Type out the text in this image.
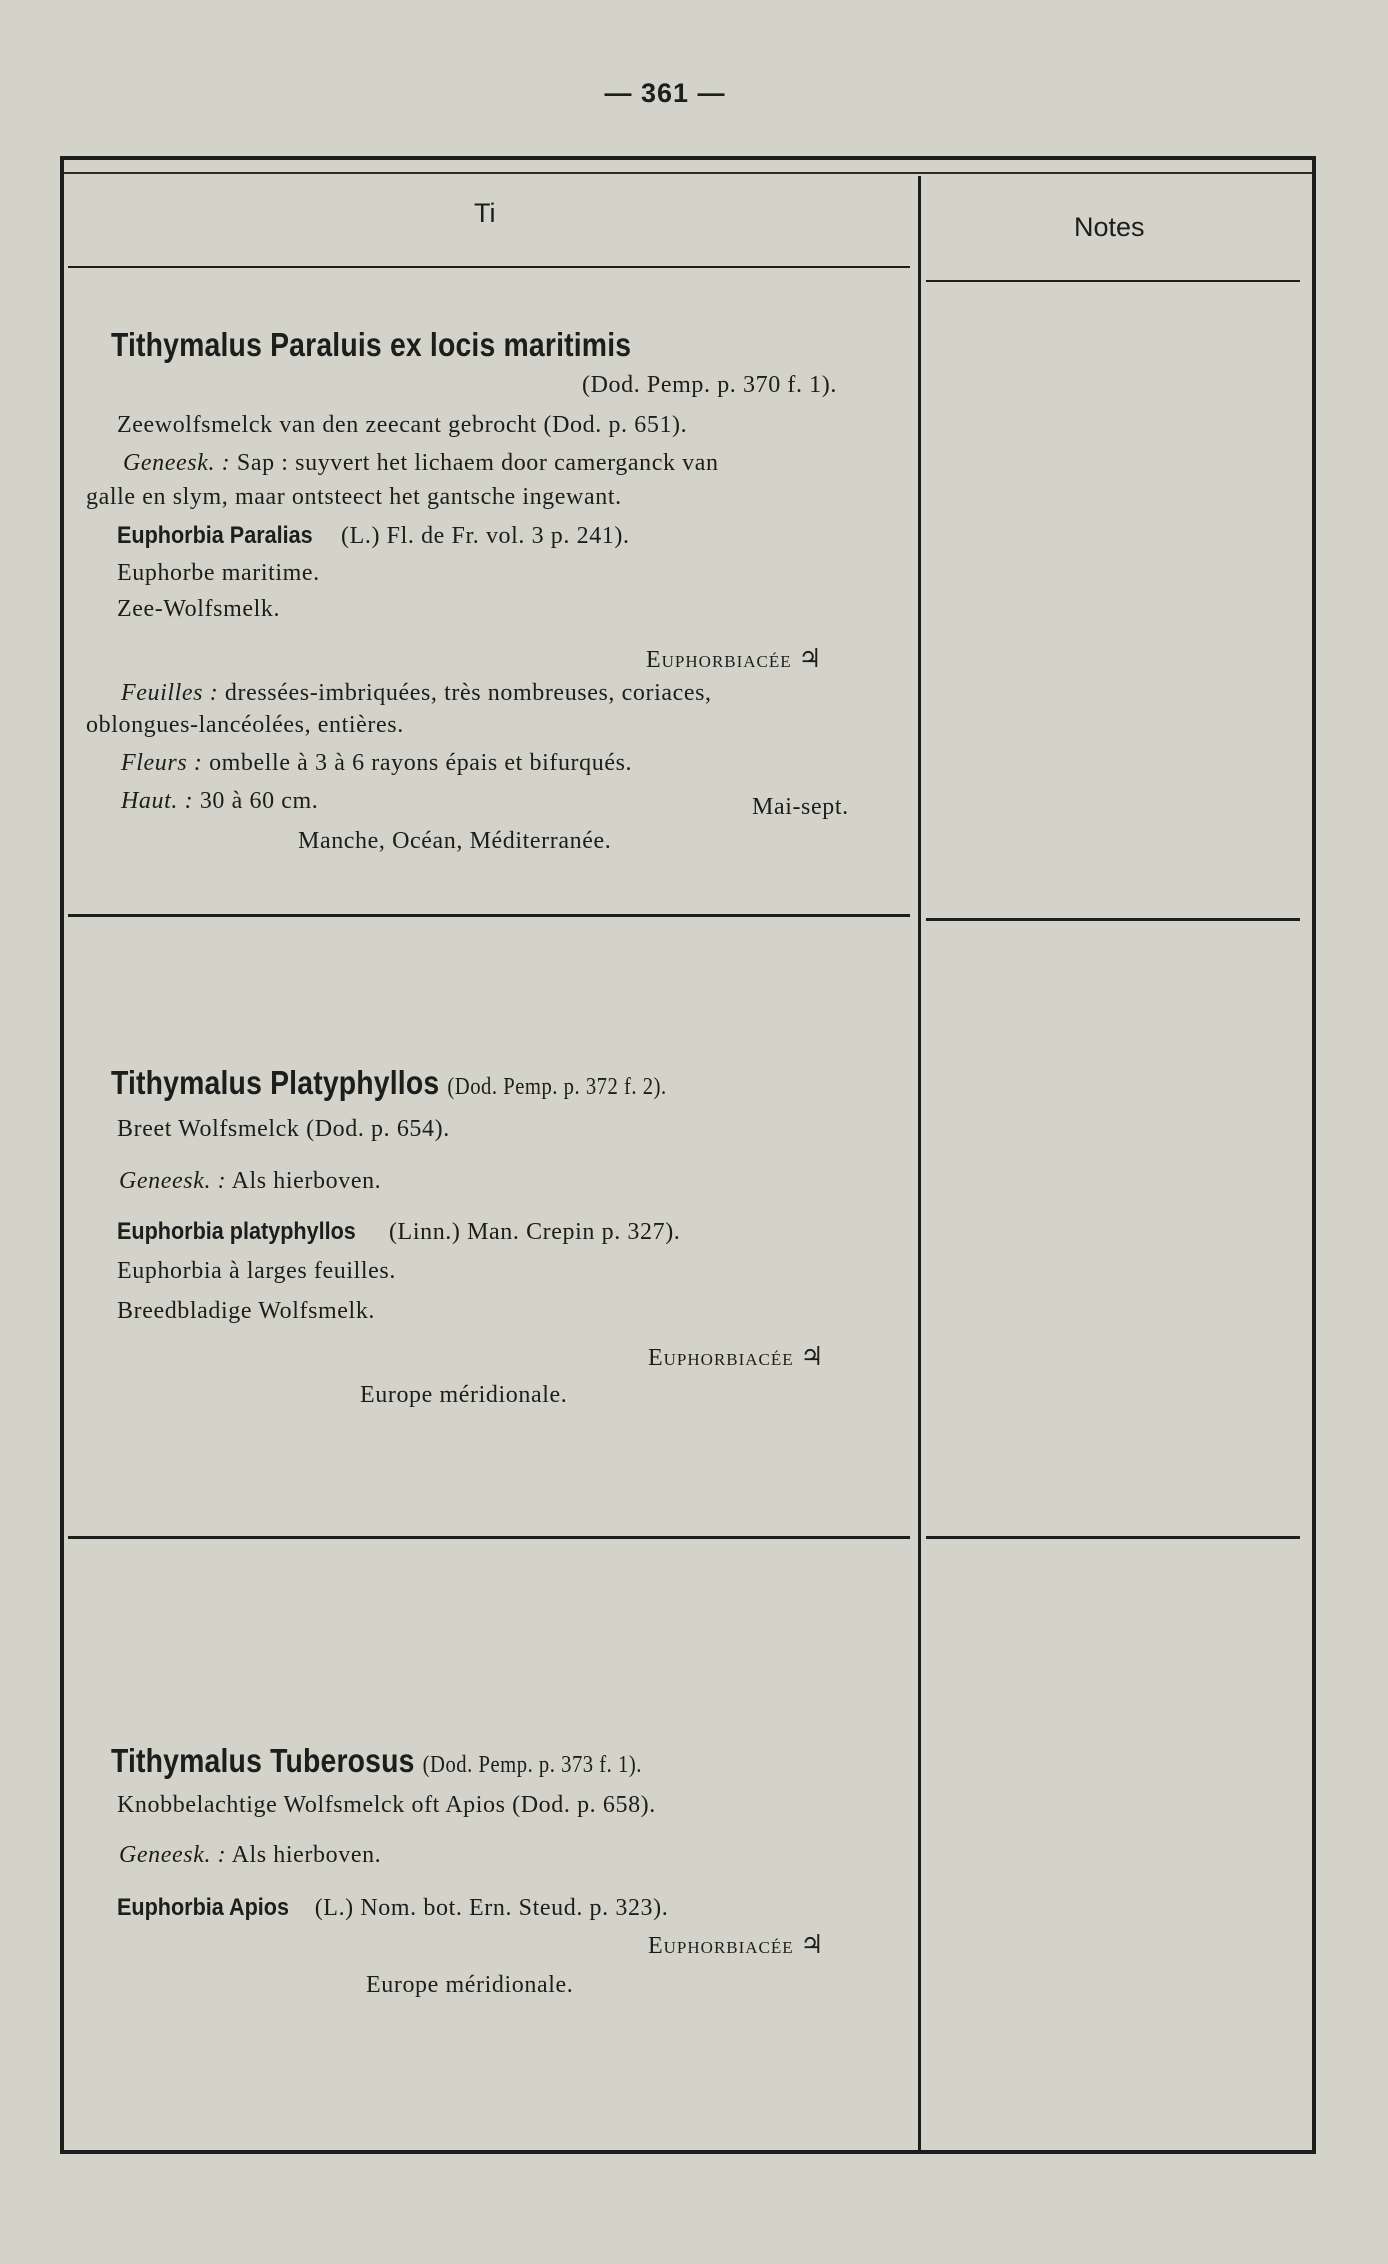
— 361 —
Ti	Notes
Tithymalus Paraluis ex locis maritimis
(Dod. Pemp. p. 370 f. 1).
Zeewolfsmelck van den zeecant gebrocht (Dod. p. 651).
Geneesk. : Sap : suyvert het lichaem door camerganck van
galle en slym, maar ontsteect het gantsche ingewant.
Euphorbia Paralias (L.) Fl. de Fr. vol. 3 p. 241).
Euphorbe maritime.
Zee-Wolfsmelk.
Euphorbiacée ♃
Feuilles : dressées-imbriquées, très nombreuses, coriaces,
oblongues-lancéolées, entières.
Fleurs : ombelle à 3 à 6 rayons épais et bifurqués.
Haut. : 30 à 60 cm.	Mai-sept.
Manche, Océan, Méditerranée.
Tithymalus Platyphyllos (Dod. Pemp. p. 372 f. 2).
Breet Wolfsmelck (Dod. p. 654).
Geneesk. : Als hierboven.
Euphorbia platyphyllos (Linn.) Man. Crepin p. 327).
Euphorbia à larges feuilles.
Breedbladige Wolfsmelk.
Euphorbiacée ♃
Europe méridionale.
Tithymalus Tuberosus (Dod. Pemp. p. 373 f. 1).
Knobbelachtige Wolfsmelck oft Apios (Dod. p. 658).
Geneesk. : Als hierboven.
Euphorbia Apios (L.) Nom. bot. Ern. Steud. p. 323).
Euphorbiacée ♃
Europe méridionale.
